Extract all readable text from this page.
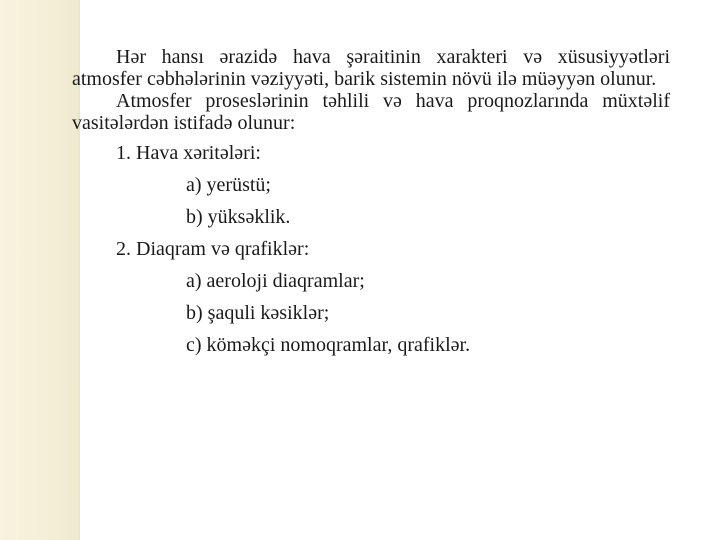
Hər hansı ərazidə hava şəraitinin xarakteri və xüsusiyyətləri atmosfer cəbhələrinin vəziyyəti, barik sistemin növü ilə müəyyən olunur.

Atmosfer proseslərinin təhlili və hava proqnozlarında müxtəlif vasitələrdən istifadə olunur:

1. Hava xəritələri:

a) yerüstü;

b) yüksəklik.

2. Diaqram və qrafiklər:

a) aeroloji diaqramlar;

b) şaquli kəsiklər;

c) köməkçi nomoqramlar, qrafiklər.
